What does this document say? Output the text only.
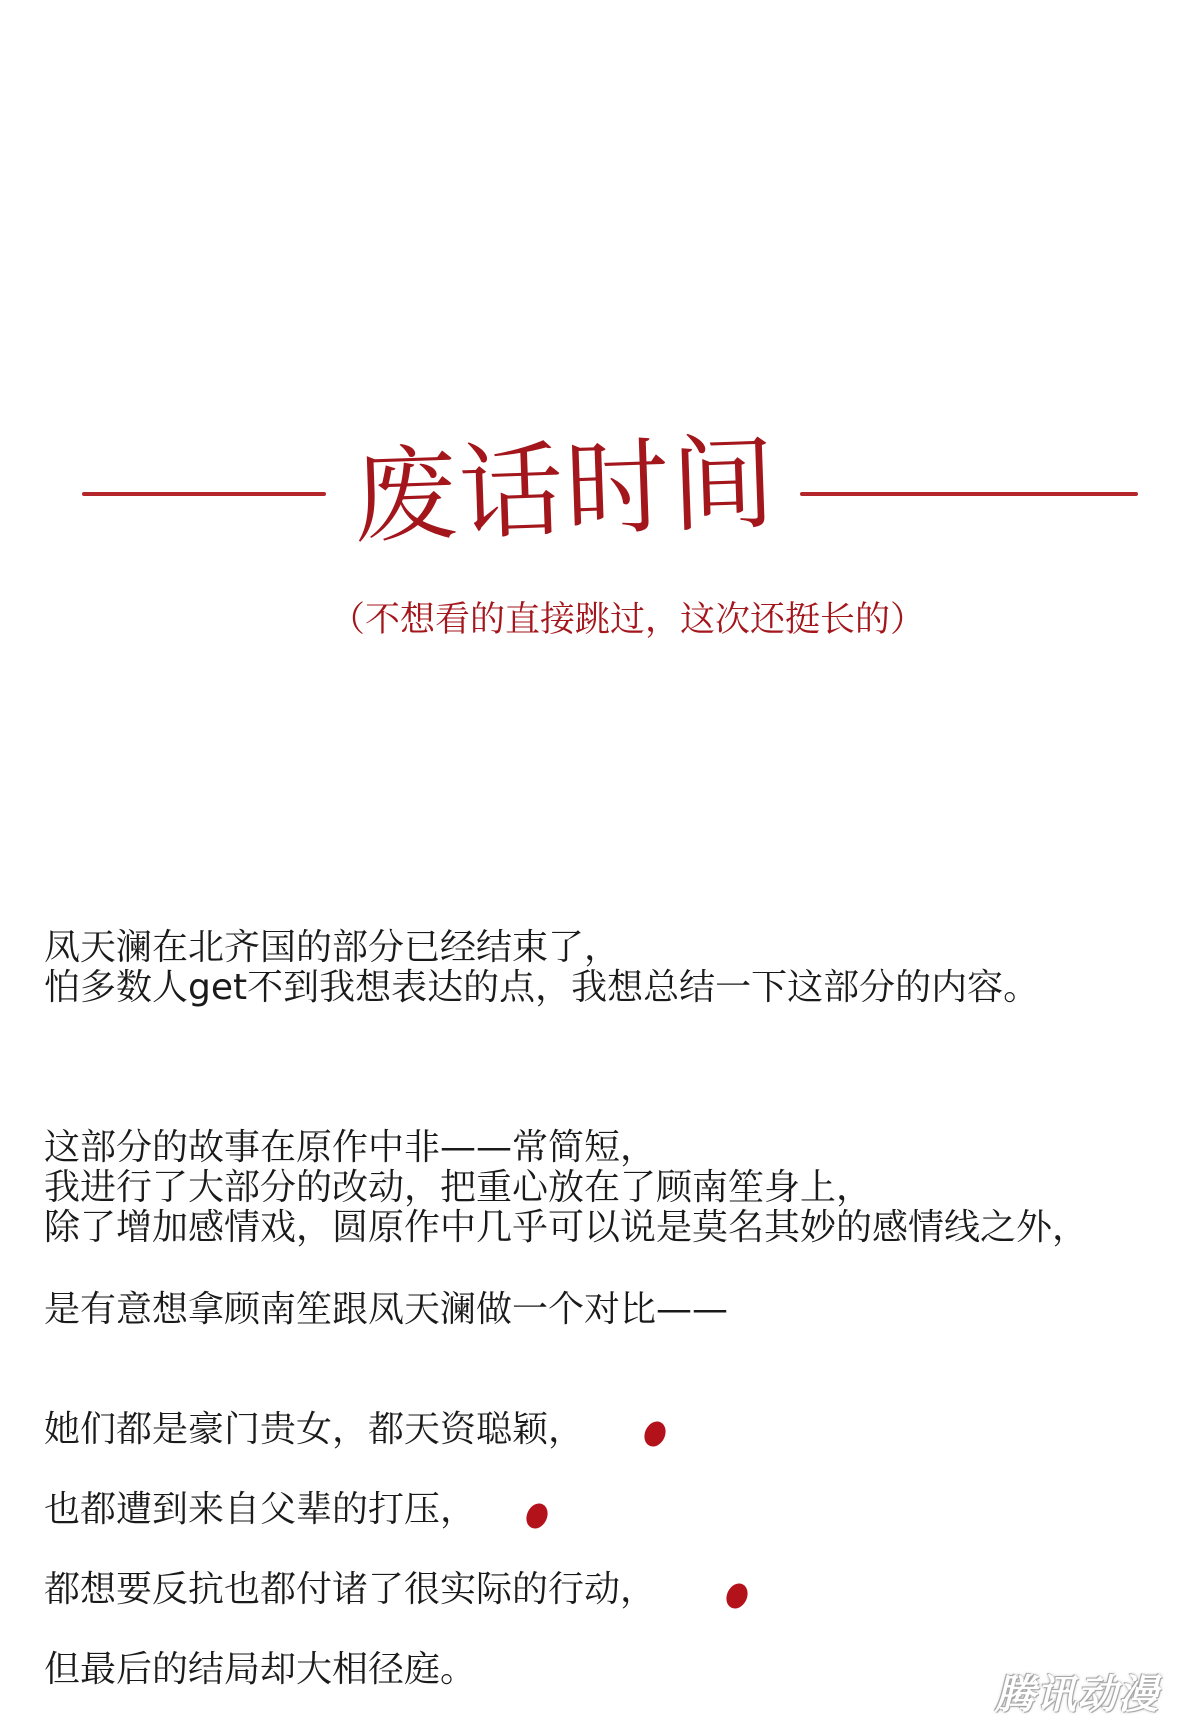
废话时间
（不想看的直接跳过，这次还挺长的）
凤天澜在北齐国的部分已经结束了，
怕多数人get不到我想表达的点，我想总结一下这部分的内容。
这部分的故事在原作中非——常简短，
我进行了大部分的改动，把重心放在了顾南笙身上，
除了增加感情戏，圆原作中几乎可以说是莫名其妙的感情线之外，
是有意想拿顾南笙跟凤天澜做一个对比——
她们都是豪门贵女，都天资聪颖，
也都遭到来自父辈的打压，
都想要反抗也都付诸了很实际的行动，
但最后的结局却大相径庭。
腾讯动漫
